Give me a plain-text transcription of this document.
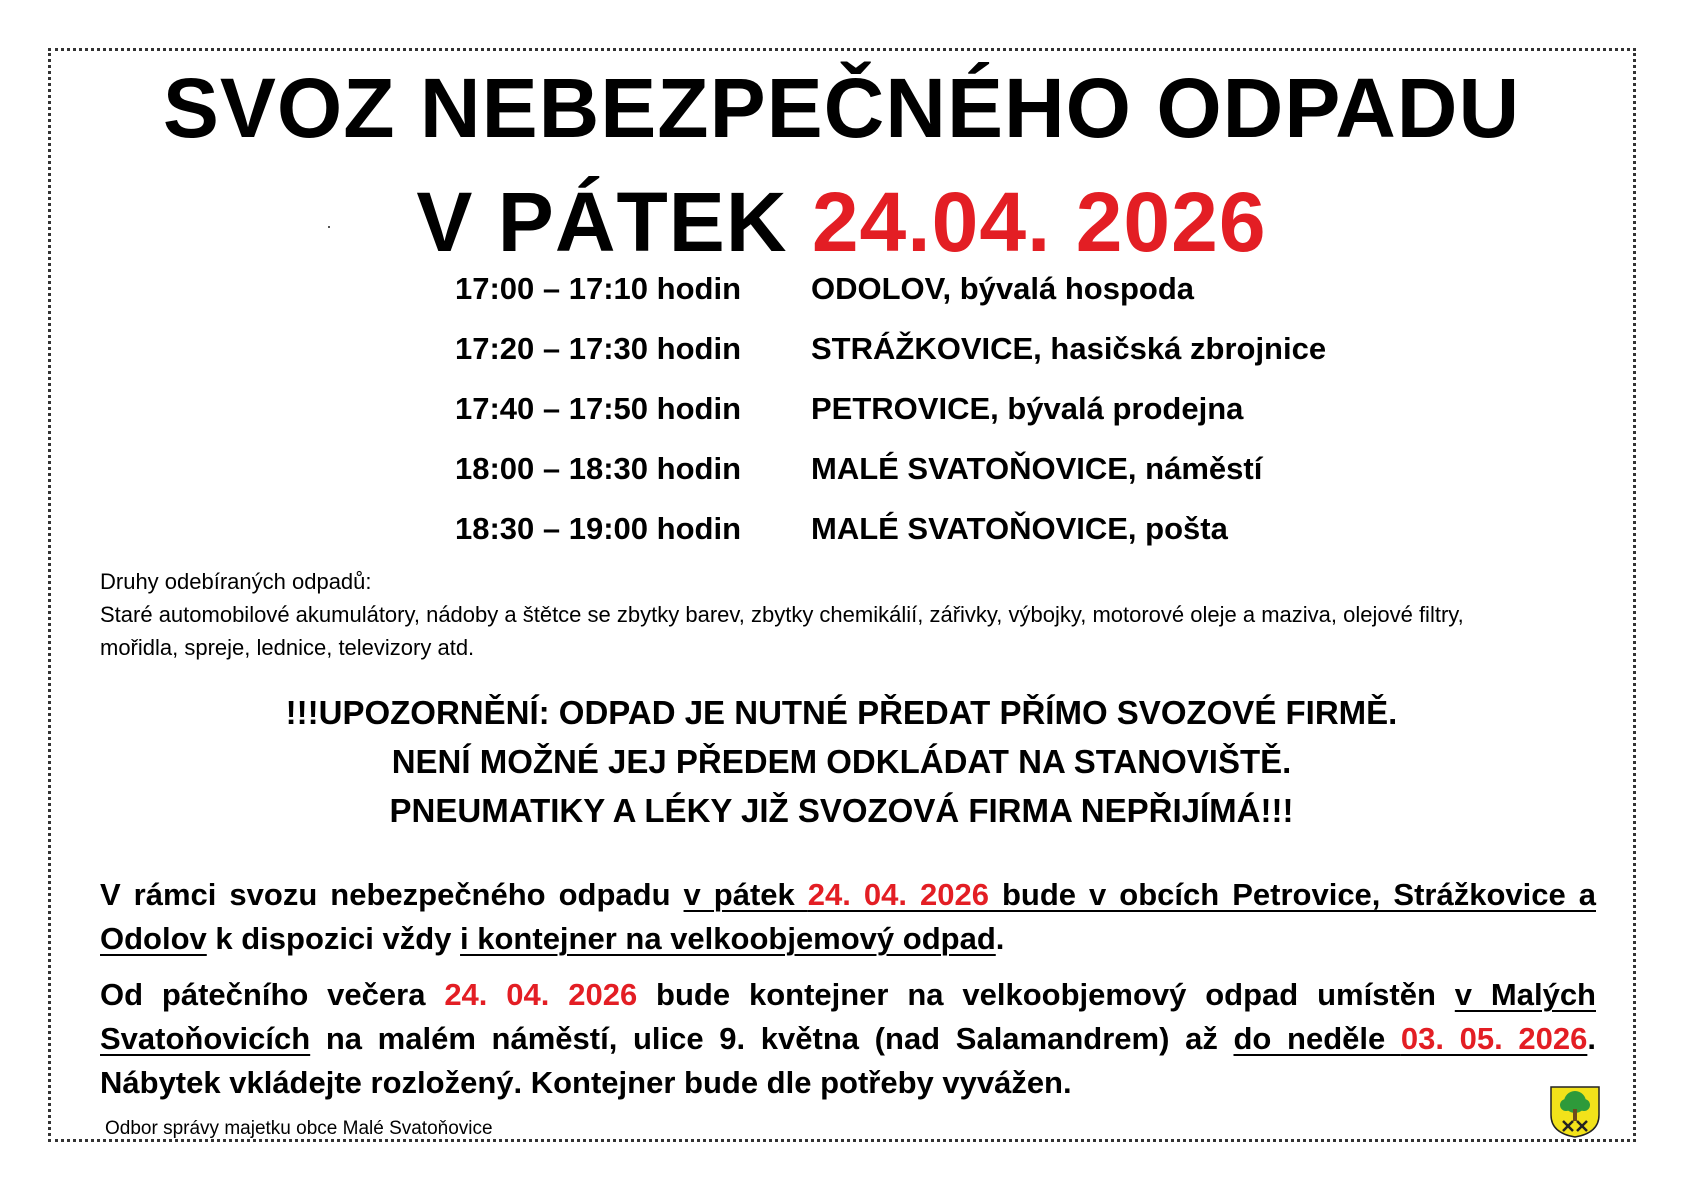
SVOZ NEBEZPEČNÉHO ODPADU
V PÁTEK 24.04. 2026
17:00 – 17:10 hodin	ODOLOV, bývalá hospoda
17:20 – 17:30 hodin	STRÁŽKOVICE, hasičská zbrojnice
17:40 – 17:50 hodin	PETROVICE, bývalá prodejna
18:00 – 18:30 hodin	MALÉ SVATOŇOVICE, náměstí
18:30 – 19:00 hodin	MALÉ SVATOŇOVICE, pošta
Druhy odebíraných odpadů:
Staré automobilové akumulátory, nádoby a štětce se zbytky barev, zbytky chemikálií, zářivky, výbojky, motorové oleje a maziva, olejové filtry,
mořidla, spreje, lednice, televizory atd.
!!!UPOZORNĚNÍ: ODPAD JE NUTNÉ PŘEDAT PŘÍMO SVOZOVÉ FIRMĚ.
NENÍ MOŽNÉ JEJ PŘEDEM ODKLÁDAT NA STANOVIŠTĚ.
PNEUMATIKY A LÉKY JIŽ SVOZOVÁ FIRMA NEPŘIJÍMÁ!!!
V rámci svozu nebezpečného odpadu v pátek 24. 04. 2026 bude v obcích Petrovice, Strážkovice a
Odolov k dispozici vždy i kontejner na velkoobjemový odpad.
Od pátečního večera 24. 04. 2026 bude kontejner na velkoobjemový odpad umístěn v Malých
Svatoňovicích na malém náměstí, ulice 9. května (nad Salamandrem) až do neděle 03. 05. 2026.
Nábytek vkládejte rozložený. Kontejner bude dle potřeby vyvážen.
Odbor správy majetku obce Malé Svatoňovice
